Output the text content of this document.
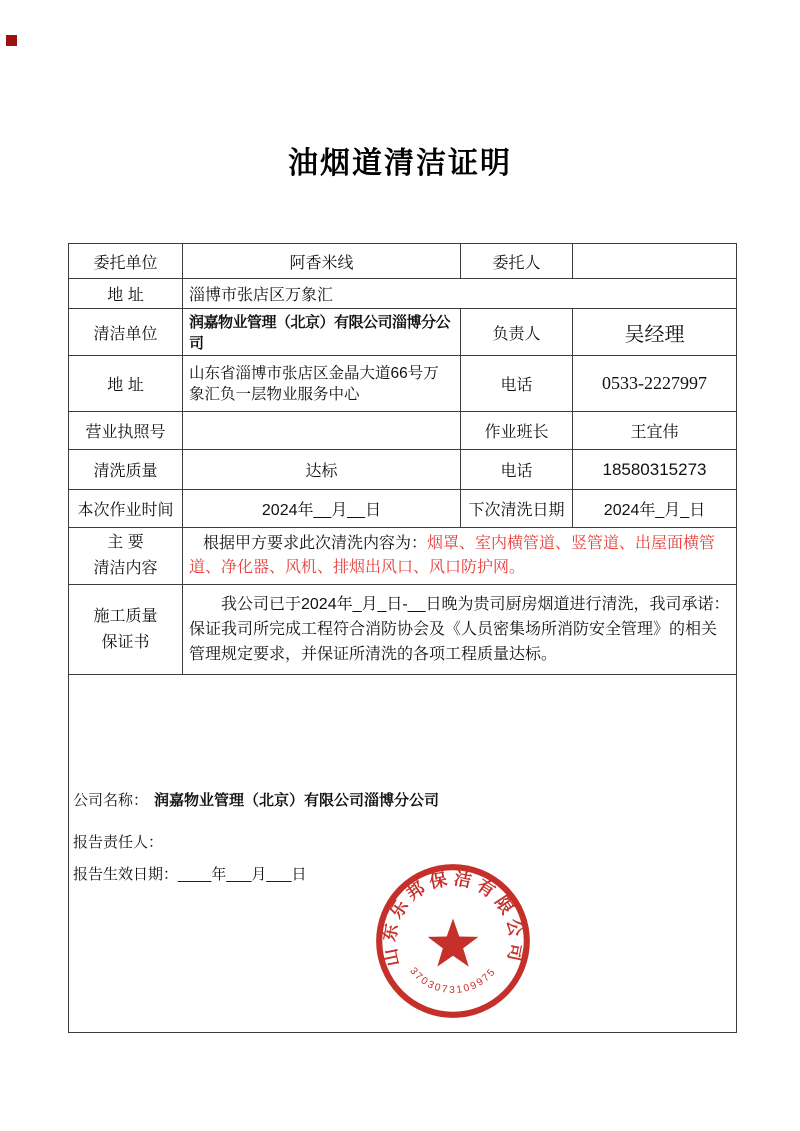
油烟道清洁证明
委托单位	阿香米线	委托人	
地 址	淄博市张店区万象汇		
清洁单位	润嘉物业管理（北京）有限公司淄博分公司	负责人	吴经理
地 址	山东省淄博市张店区金晶大道66号万象汇负一层物业服务中心	电话	0533-2227997
营业执照号		作业班长	王宜伟
清洗质量	达标	电话	18580315273
本次作业时间	2024年__月__日	下次清洗日期	2024年_月_日

主 要
清洁内容	根据甲方要求此次清洗内容为：烟罩、室内横管道、竖管道、出屋面横管道、净化器、风机、排烟出风口、风口防护网。		

施工质量
保证书	我公司已于2024年_月_日-__日晚为贵司厨房烟道进行清洗，我司承诺：保证我司所完成工程符合消防协会及《人员密集场所消防安全管理》的相关管理规定要求，并保证所清洗的各项工程质量达标。		

公司名称： 润嘉物业管理（北京）有限公司淄博分公司
报告责任人：
报告生效日期：____年___月___日
山东乐邦保洁有限公司
3703073109975			
